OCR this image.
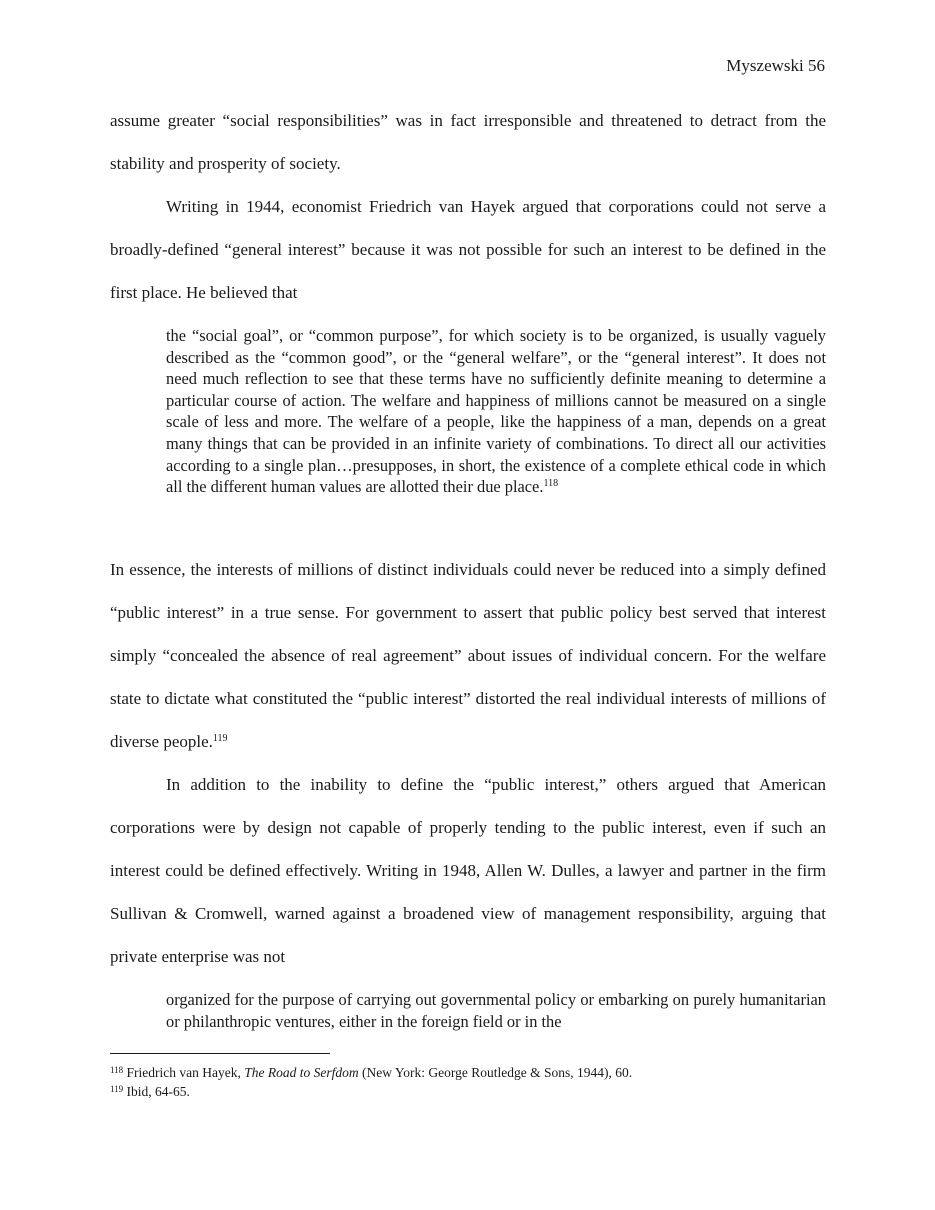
Myszewski 56

assume greater “social responsibilities” was in fact irresponsible and threatened to detract from the stability and prosperity of society.

Writing in 1944, economist Friedrich van Hayek argued that corporations could not serve a broadly-defined “general interest” because it was not possible for such an interest to be defined in the first place. He believed that

the “social goal”, or “common purpose”, for which society is to be organized, is usually vaguely described as the “common good”, or the “general welfare”, or the “general interest”. It does not need much reflection to see that these terms have no sufficiently definite meaning to determine a particular course of action. The welfare and happiness of millions cannot be measured on a single scale of less and more. The welfare of a people, like the happiness of a man, depends on a great many things that can be provided in an infinite variety of combinations. To direct all our activities according to a single plan…presupposes, in short, the existence of a complete ethical code in which all the different human values are allotted their due place.$^{118}$

In essence, the interests of millions of distinct individuals could never be reduced into a simply defined “public interest” in a true sense. For government to assert that public policy best served that interest simply “concealed the absence of real agreement” about issues of individual concern. For the welfare state to dictate what constituted the “public interest” distorted the real individual interests of millions of diverse people.$^{119}$

In addition to the inability to define the “public interest,” others argued that American corporations were by design not capable of properly tending to the public interest, even if such an interest could be defined effectively. Writing in 1948, Allen W. Dulles, a lawyer and partner in the firm Sullivan & Cromwell, warned against a broadened view of management responsibility, arguing that private enterprise was not

organized for the purpose of carrying out governmental policy or embarking on purely humanitarian or philanthropic ventures, either in the foreign field or in the

$^{118}$ Friedrich van Hayek, The Road to Serfdom (New York: George Routledge & Sons, 1944), 60.

$^{119}$ Ibid, 64-65.
